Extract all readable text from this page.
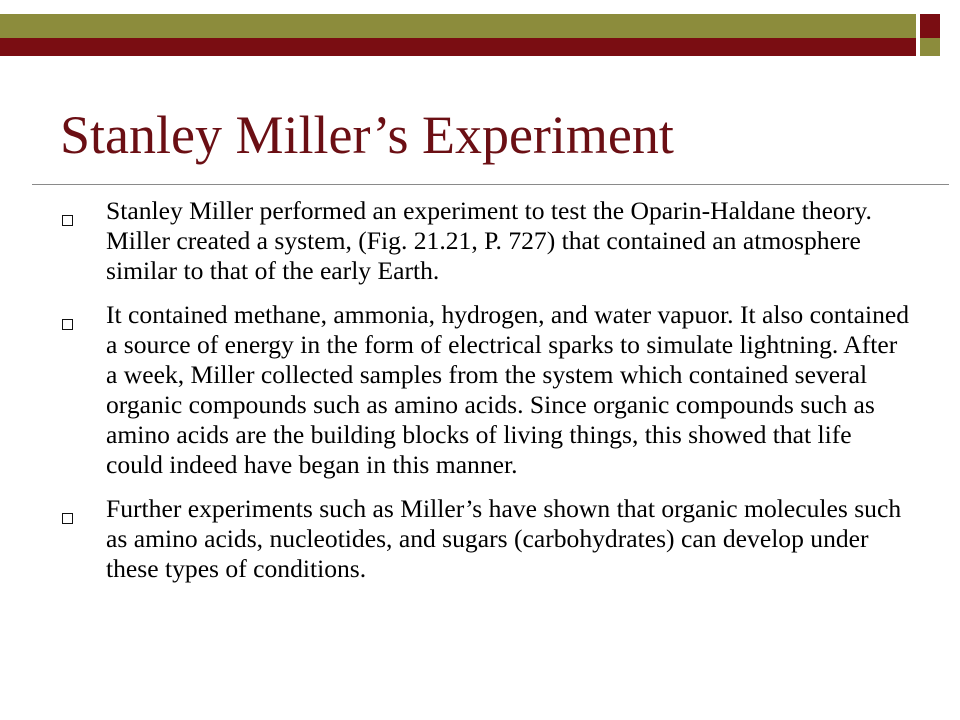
Stanley Miller’s Experiment
Stanley Miller performed an experiment to test the Oparin-Haldane theory. Miller created a system, (Fig. 21.21, P. 727) that contained an atmosphere similar to that of the early Earth.
It contained methane, ammonia, hydrogen, and water vapuor. It also contained a source of energy in the form of electrical sparks to simulate lightning. After a week, Miller collected samples from the system which contained several organic compounds such as amino acids. Since organic compounds such as amino acids are the building blocks of living things, this showed that life could indeed have began in this manner.
Further experiments such as Miller’s have shown that organic molecules such as amino acids, nucleotides, and sugars (carbohydrates) can develop under these types of conditions.
